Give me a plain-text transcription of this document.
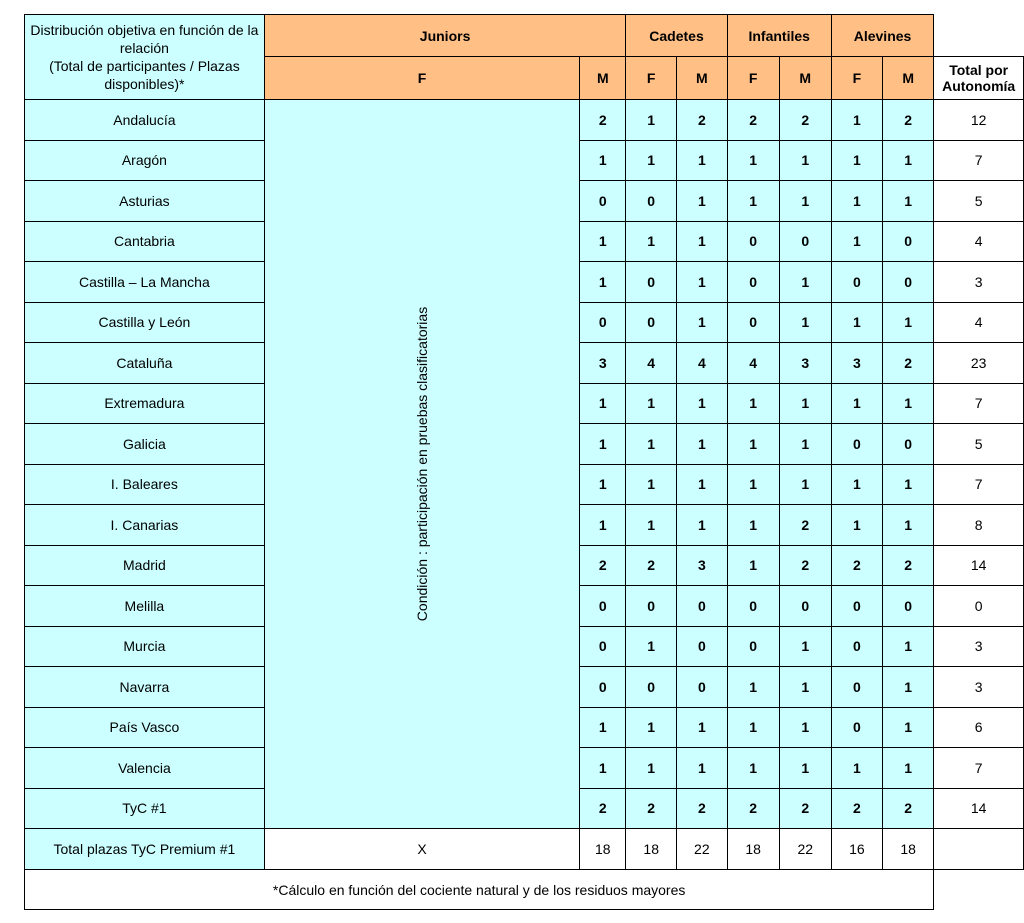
Distribución objetiva en función de la relación
(Total de participantes / Plazas disponibles)*	Juniors		Cadetes		Infantiles		Alevines		
	F	M	F	M	F	M	F	M	Total por
Autonomía

Andalucía	Condición : participación en pruebas clasificatorias	2	1	2	2	2	1	2	12
Aragón		1	1	1	1	1	1	1	7
Asturias		0	0	1	1	1	1	1	5
Cantabria		1	1	1	0	0	1	0	4
Castilla – La Mancha		1	0	1	0	1	0	0	3
Castilla y León		0	0	1	0	1	1	1	4
Cataluña		3	4	4	4	3	3	2	23
Extremadura		1	1	1	1	1	1	1	7
Galicia		1	1	1	1	1	0	0	5
I. Baleares		1	1	1	1	1	1	1	7
I. Canarias		1	1	1	1	2	1	1	8
Madrid		2	2	3	1	2	2	2	14
Melilla		0	0	0	0	0	0	0	0
Murcia		0	1	0	0	1	0	1	3
Navarra		0	0	0	1	1	0	1	3
País Vasco		1	1	1	1	1	0	1	6
Valencia		1	1	1	1	1	1	1	7
TyC #1		2	2	2	2	2	2	2	14
Total plazas TyC Premium #1	X	18	18	22	18	22	16	18	
*Cálculo en función del cociente natural y de los residuos mayores									
